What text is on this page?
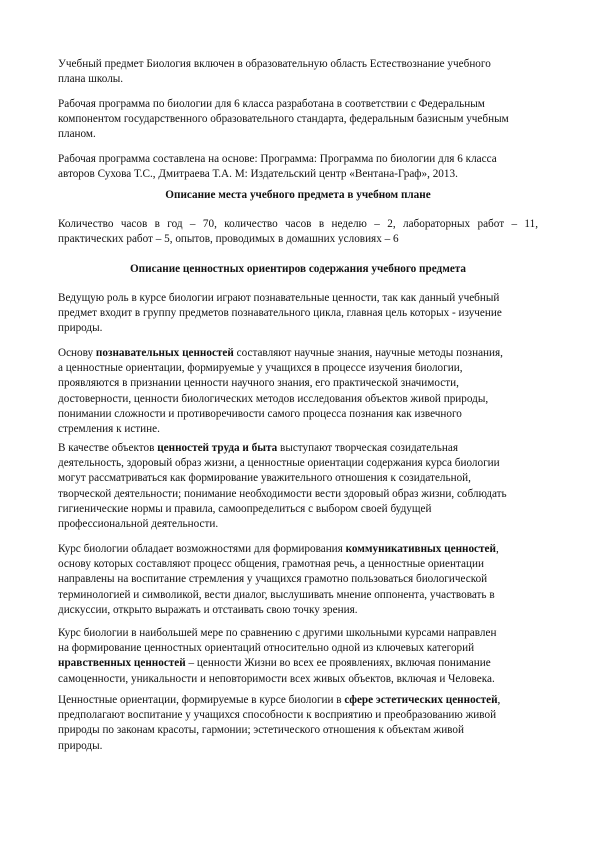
Учебный предмет Биология включен в образовательную область Естествознание учебного
плана школы.
Рабочая программа по биологии для 6 класса разработана в соответствии с Федеральным
компонентом государственного образовательного стандарта, федеральным базисным учебным
планом.
Рабочая программа составлена на основе: Программа: Программа по биологии для 6 класса
авторов Сухова Т.С., Дмитраева Т.А. М: Издательский центр «Вентана-Граф», 2013.
Описание места учебного предмета в учебном плане
Количество часов в год – 70, количество часов в неделю – 2, лабораторных работ – 11,
практических работ – 5, опытов, проводимых в домашних условиях – 6
Описание ценностных ориентиров содержания учебного предмета
Ведущую роль в курсе биологии играют познавательные ценности, так как данный учебный
предмет входит в группу предметов познавательного цикла, главная цель которых - изучение
природы.
Основу познавательных ценностей составляют научные знания, научные методы познания,
а ценностные ориентации, формируемые у учащихся в процессе изучения биологии,
проявляются в признании ценности научного знания, его практической значимости,
достоверности, ценности биологических методов исследования объектов живой природы,
понимании сложности и противоречивости самого процесса познания как извечного
стремления к истине.
В качестве объектов ценностей труда и быта выступают творческая созидательная
деятельность, здоровый образ жизни, а ценностные ориентации содержания курса биологии
могут рассматриваться как формирование уважительного отношения к созидательной,
творческой деятельности; понимание необходимости вести здоровый образ жизни, соблюдать
гигиенические нормы и правила, самоопределиться с выбором своей будущей
профессиональной деятельности.
Курс биологии обладает возможностями для формирования коммуникативных ценностей,
основу которых составляют процесс общения, грамотная речь, а ценностные ориентации
направлены на воспитание стремления у учащихся грамотно пользоваться биологической
терминологией и символикой, вести диалог, выслушивать мнение оппонента, участвовать в
дискуссии, открыто выражать и отстаивать свою точку зрения.
Курс биологии в наибольшей мере по сравнению с другими школьными курсами направлен
на формирование ценностных ориентаций относительно одной из ключевых категорий
нравственных ценностей – ценности Жизни во всех ее проявлениях, включая понимание
самоценности, уникальности и неповторимости всех живых объектов, включая и Человека.
Ценностные ориентации, формируемые в курсе биологии в сфере эстетических ценностей,
предполагают воспитание у учащихся способности к восприятию и преобразованию живой
природы по законам красоты, гармонии; эстетического отношения к объектам живой
природы.
